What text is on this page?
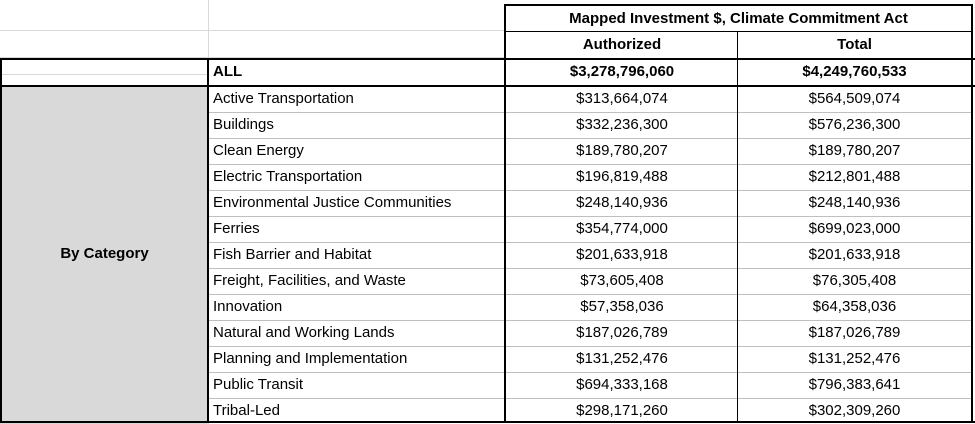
By Category
Mapped Investment $, Climate Commitment Act
Authorized	Total
ALL	$3,278,796,060	$4,249,760,533
Active Transportation	$313,664,074	$564,509,074
Buildings	$332,236,300	$576,236,300
Clean Energy	$189,780,207	$189,780,207
Electric Transportation	$196,819,488	$212,801,488
Environmental Justice Communities	$248,140,936	$248,140,936
Ferries	$354,774,000	$699,023,000
Fish Barrier and Habitat	$201,633,918	$201,633,918
Freight, Facilities, and Waste	$73,605,408	$76,305,408
Innovation	$57,358,036	$64,358,036
Natural and Working Lands	$187,026,789	$187,026,789
Planning and Implementation	$131,252,476	$131,252,476
Public Transit	$694,333,168	$796,383,641
Tribal-Led	$298,171,260	$302,309,260
